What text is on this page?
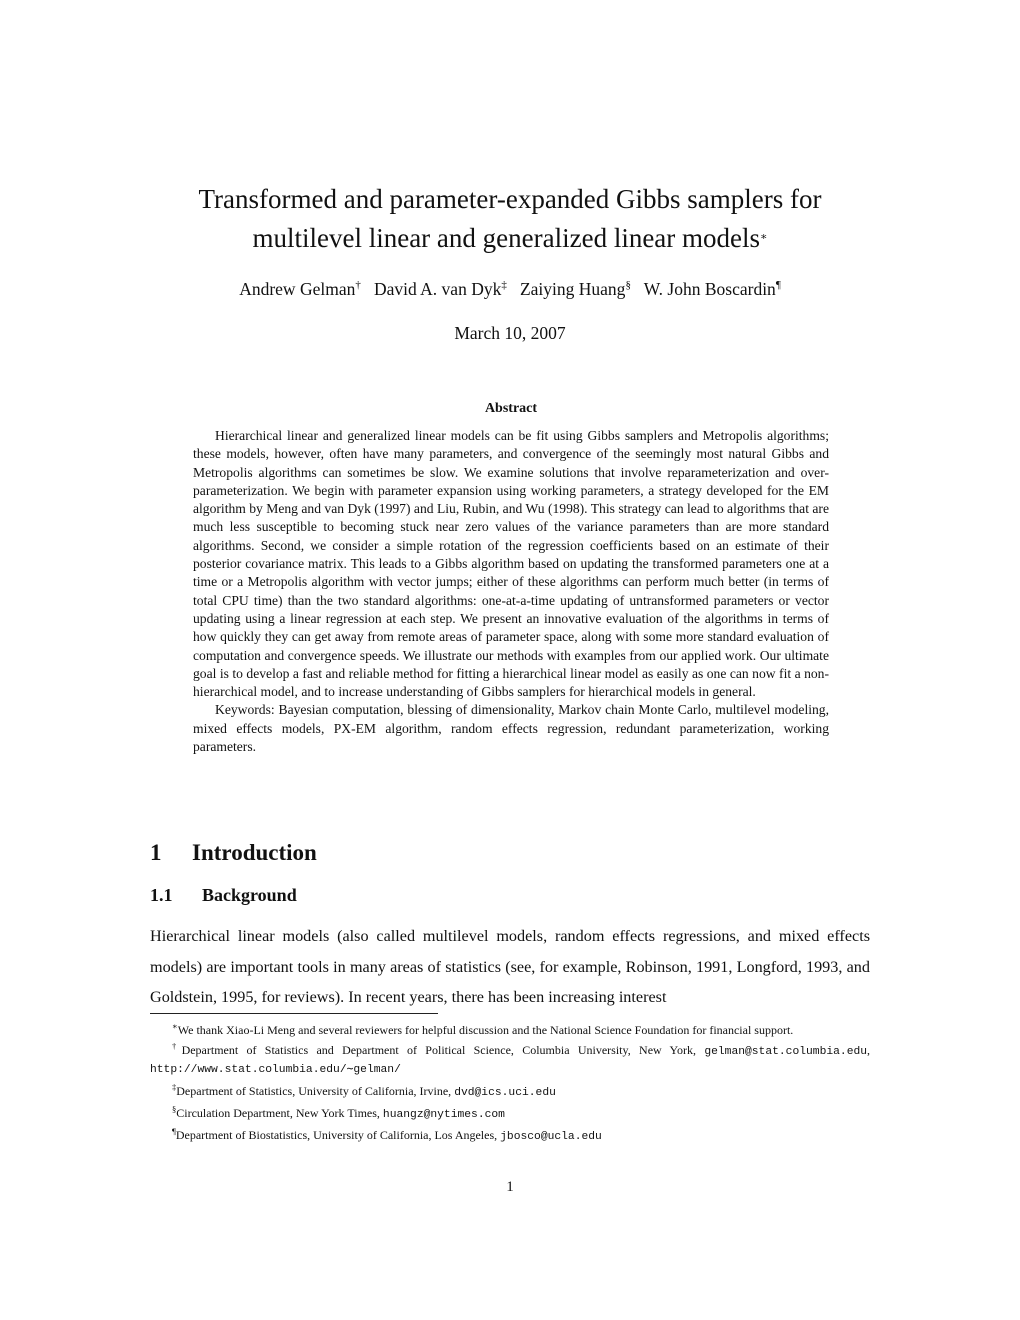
Transformed and parameter-expanded Gibbs samplers for
multilevel linear and generalized linear models∗
Andrew Gelman† David A. van Dyk‡ Zaiying Huang§ W. John Boscardin¶
March 10, 2007
Abstract

Hierarchical linear and generalized linear models can be fit using Gibbs samplers and Metropolis algorithms; these models, however, often have many parameters, and convergence of the seemingly most natural Gibbs and Metropolis algorithms can sometimes be slow. We examine solutions that involve reparameterization and over-parameterization. We begin with parameter expansion using working parameters, a strategy developed for the EM algorithm by Meng and van Dyk (1997) and Liu, Rubin, and Wu (1998). This strategy can lead to algorithms that are much less susceptible to becoming stuck near zero values of the variance parameters than are more standard algorithms. Second, we consider a simple rotation of the regression coefficients based on an estimate of their posterior covariance matrix. This leads to a Gibbs algorithm based on updating the transformed parameters one at a time or a Metropolis algorithm with vector jumps; either of these algorithms can perform much better (in terms of total CPU time) than the two standard algorithms: one-at-a-time updating of untransformed parameters or vector updating using a linear regression at each step. We present an innovative evaluation of the algorithms in terms of how quickly they can get away from remote areas of parameter space, along with some more standard evaluation of computation and convergence speeds. We illustrate our methods with examples from our applied work. Our ultimate goal is to develop a fast and reliable method for fitting a hierarchical linear model as easily as one can now fit a non-hierarchical model, and to increase understanding of Gibbs samplers for hierarchical models in general.

Keywords: Bayesian computation, blessing of dimensionality, Markov chain Monte Carlo, multilevel modeling, mixed effects models, PX-EM algorithm, random effects regression, redundant parameterization, working parameters.

1 Introduction
1.1 Background

Hierarchical linear models (also called multilevel models, random effects regressions, and mixed effects models) are important tools in many areas of statistics (see, for example, Robinson, 1991, Longford, 1993, and Goldstein, 1995, for reviews). In recent years, there has been increasing interest

∗We thank Xiao-Li Meng and several reviewers for helpful discussion and the National Science Foundation for financial support.

†Department of Statistics and Department of Political Science, Columbia University, New York, gelman@stat.columbia.edu, http://www.stat.columbia.edu/∼gelman/

‡Department of Statistics, University of California, Irvine, dvd@ics.uci.edu

§Circulation Department, New York Times, huangz@nytimes.com

¶Department of Biostatistics, University of California, Los Angeles, jbosco@ucla.edu

1
